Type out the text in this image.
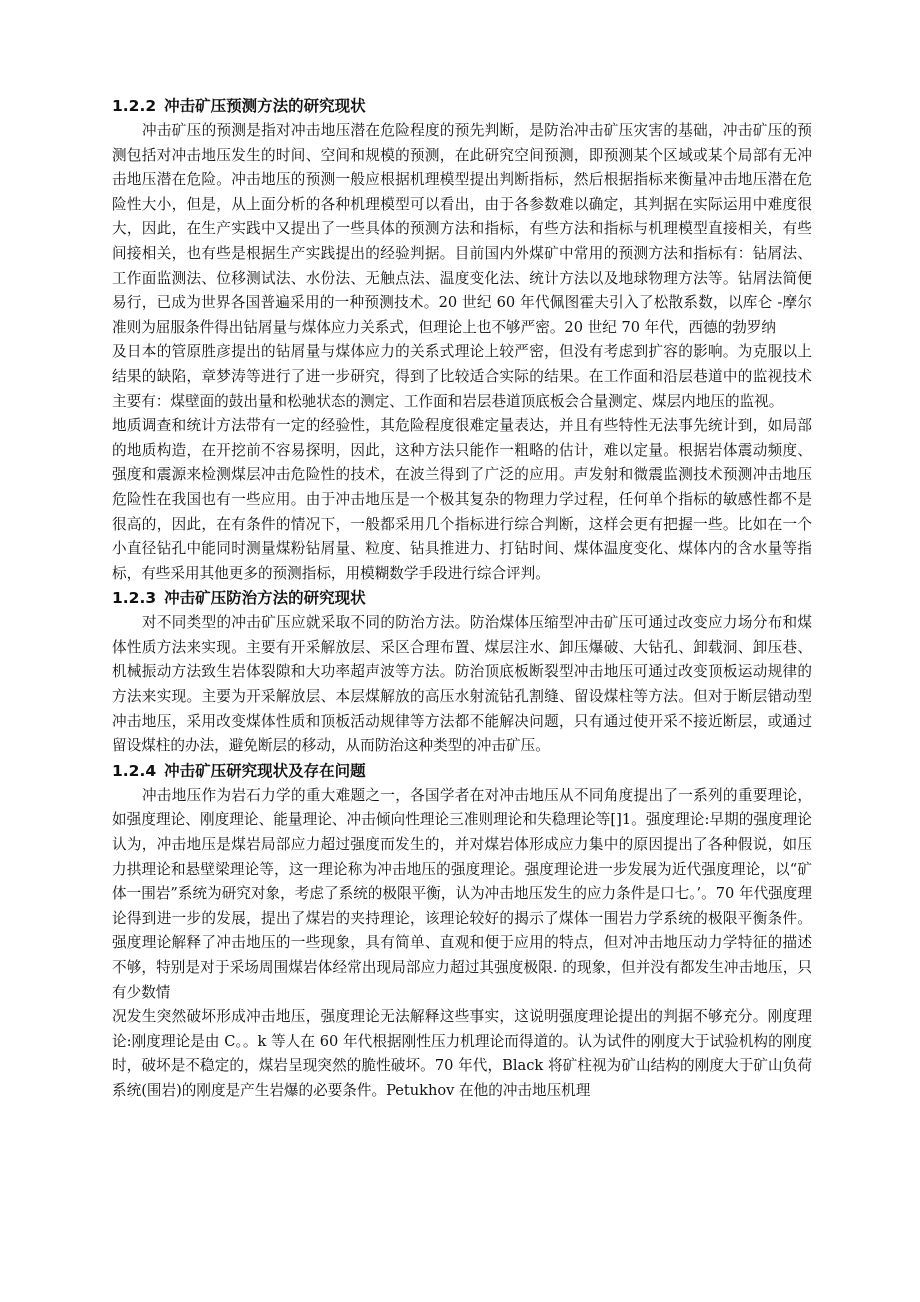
1.2.2 冲击矿压预测方法的研究现状

冲击矿压的预测是指对冲击地压潜在危险程度的预先判断，是防治冲击矿压灾害的基础，冲击矿压的预测包括对冲击地压发生的时间、空间和规模的预测，在此研究空间预测，即预测某个区域或某个局部有无冲击地压潜在危险。冲击地压的预测一般应根据机理模型提出判断指标，然后根据指标来衡量冲击地压潜在危险性大小，但是，从上面分析的各种机理模型可以看出，由于各参数难以确定，其判据在实际运用中难度很大，因此，在生产实践中又提出了一些具体的预测方法和指标，有些方法和指标与机理模型直接相关，有些间接相关，也有些是根据生产实践提出的经验判据。目前国内外煤矿中常用的预测方法和指标有：钻屑法、工作面监测法、位移测试法、水份法、无触点法、温度变化法、统计方法以及地球物理方法等。钻屑法简便易行，已成为世界各国普遍采用的一种预测技术。20 世纪 60 年代佩图霍夫引入了松散系数，以库仑 -摩尔准则为屈服条件得出钻屑量与煤体应力关系式，但理论上也不够严密。20 世纪 70 年代，西德的勃罗纳

及日本的管原胜彦提出的钻屑量与煤体应力的关系式理论上较严密，但没有考虑到扩容的影响。为克服以上结果的缺陷，章梦涛等进行了进一步研究，得到了比较适合实际的结果。在工作面和沿层巷道中的监视技术主要有：煤壁面的鼓出量和松驰状态的测定、工作面和岩层巷道顶底板会合量测定、煤层内地压的监视。

地质调查和统计方法带有一定的经验性，其危险程度很难定量表达，并且有些特性无法事先统计到，如局部的地质构造，在开挖前不容易探明，因此，这种方法只能作一粗略的估计，难以定量。根据岩体震动频度、强度和震源来检测煤层冲击危险性的技术，在波兰得到了广泛的应用。声发射和微震监测技术预测冲击地压危险性在我国也有一些应用。由于冲击地压是一个极其复杂的物理力学过程，任何单个指标的敏感性都不是很高的，因此，在有条件的情况下，一般都采用几个指标进行综合判断，这样会更有把握一些。比如在一个小直径钻孔中能同时测量煤粉钻屑量、粒度、钻具推进力、打钻时间、煤体温度变化、煤体内的含水量等指标，有些采用其他更多的预测指标，用模糊数学手段进行综合评判。

1.2.3 冲击矿压防治方法的研究现状

对不同类型的冲击矿压应就采取不同的防治方法。防治煤体压缩型冲击矿压可通过改变应力场分布和煤体性质方法来实现。主要有开采解放层、采区合理布置、煤层注水、卸压爆破、大钻孔、卸载洞、卸压巷、机械振动方法致生岩体裂隙和大功率超声波等方法。防治顶底板断裂型冲击地压可通过改变顶板运动规律的方法来实现。主要为开采解放层、本层煤解放的高压水射流钻孔割缝、留设煤柱等方法。但对于断层错动型冲击地压，采用改变煤体性质和顶板活动规律等方法都不能解决问题，只有通过使开采不接近断层，或通过留设煤柱的办法，避免断层的移动，从而防治这种类型的冲击矿压。

1.2.4 冲击矿压研究现状及存在问题

冲击地压作为岩石力学的重大难题之一，各国学者在对冲击地压从不同角度提出了一系列的重要理论，如强度理论、刚度理论、能量理论、冲击倾向性理论三准则理论和失稳理论等[]1。强度理论:早期的强度理论认为，冲击地压是煤岩局部应力超过强度而发生的，并对煤岩体形成应力集中的原因提出了各种假说，如压力拱理论和悬壁梁理论等，这一理论称为冲击地压的强度理论。强度理论进一步发展为近代强度理论，以“矿体一围岩”系统为研究对象，考虑了系统的极限平衡，认为冲击地压发生的应力条件是口七。’。70 年代强度理论得到进一步的发展，提出了煤岩的夹持理论，该理论较好的揭示了煤体一围岩力学系统的极限平衡条件。强度理论解释了冲击地压的一些现象，具有简单、直观和便于应用的特点，但对冲击地压动力学特征的描述不够，特别是对于采场周围煤岩体经常出现局部应力超过其强度极限. 的现象，但并没有都发生冲击地压，只有少数情

况发生突然破坏形成冲击地压，强度理论无法解释这些事实，这说明强度理论提出的判据不够充分。刚度理论:刚度理论是由 C。。k 等人在 60 年代根据刚性压力机理论而得道的。认为试件的刚度大于试验机构的刚度时，破坏是不稳定的，煤岩呈现突然的脆性破坏。70 年代，Black 将矿柱视为矿山结构的刚度大于矿山负荷系统(围岩)的刚度是产生岩爆的必要条件。Petukhov 在他的冲击地压机理
